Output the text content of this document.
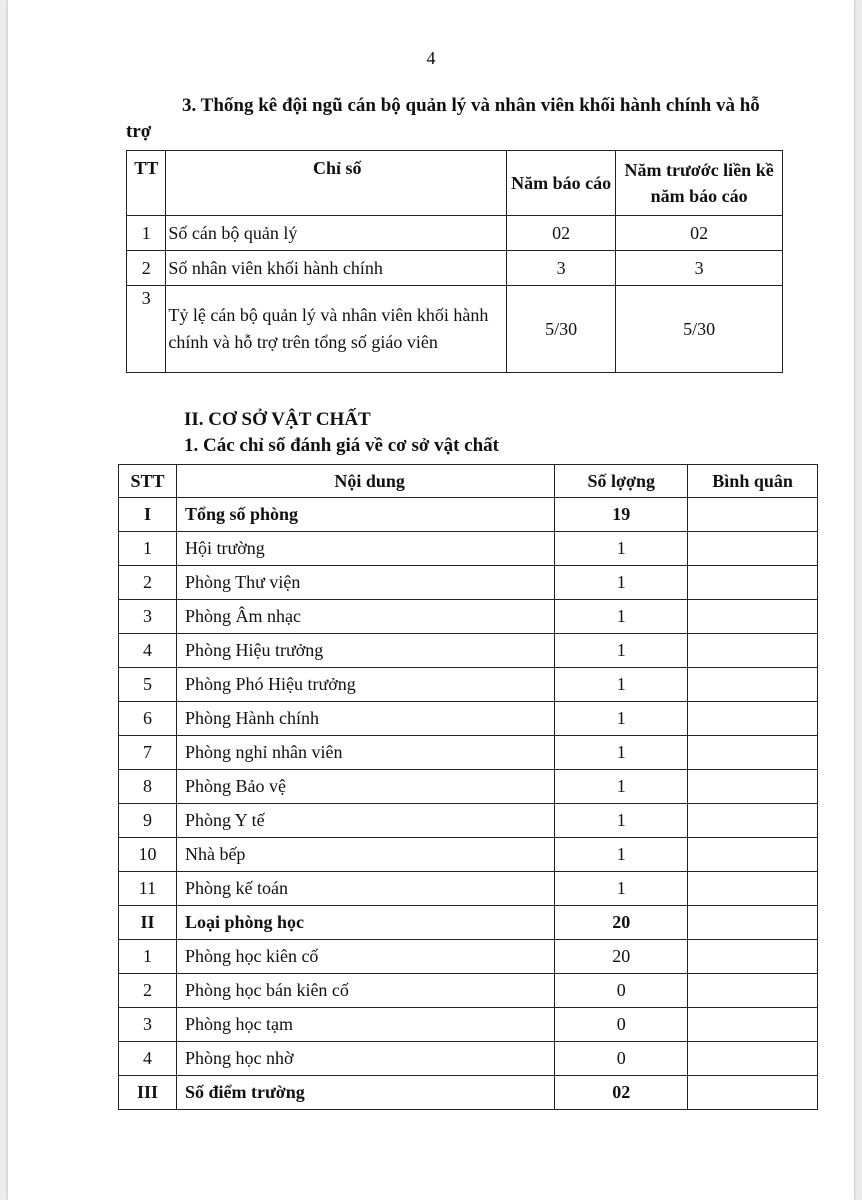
4
3. Thống kê đội ngũ cán bộ quản lý và nhân viên khối hành chính và hỗ trợ
TT	Chỉ số	Năm báo cáo	Năm trươớc liền kề năm báo cáo
1	Số cán bộ quản lý	02	02
2	Số nhân viên khối hành chính	3	3
3	Tỷ lệ cán bộ quản lý và nhân viên khối hành chính và hỗ trợ trên tổng số giáo viên	5/30	5/30
II. CƠ SỞ VẬT CHẤT
1. Các chỉ số đánh giá về cơ sở vật chất
STT	Nội dung	Số lợợng	Bình quân
I	Tổng số phòng	19	
1	Hội trường	1	
2	Phòng Thư viện	1	
3	Phòng Âm nhạc	1	
4	Phòng Hiệu trưởng	1	
5	Phòng Phó Hiệu trưởng	1	
6	Phòng Hành chính	1	
7	Phòng nghỉ nhân viên	1	
8	Phòng Bảo vệ	1	
9	Phòng Y tế	1	
10	Nhà bếp	1	
11	Phòng kế toán	1	
II	Loại phòng học	20	
1	Phòng học kiên cố	20	
2	Phòng học bán kiên cố	0	
3	Phòng học tạm	0	
4	Phòng học nhờ	0	
III	Số điểm trường	02	
